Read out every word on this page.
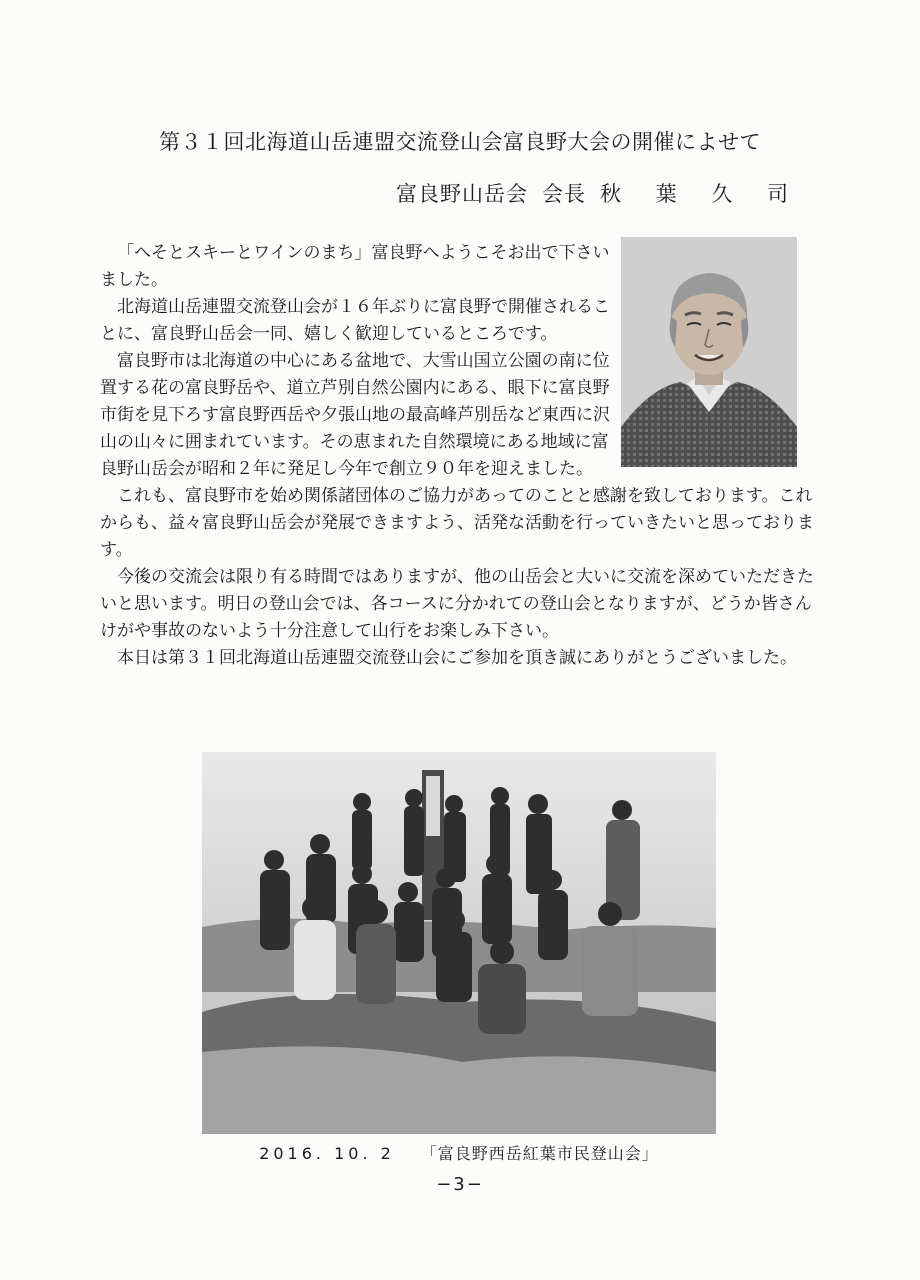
第３１回北海道山岳連盟交流登山会富良野大会の開催によせて
富良野山岳会 会長 秋 葉 久 司

「へそとスキーとワインのまち」富良野へようこそお出で下さいました。

北海道山岳連盟交流登山会が１６年ぶりに富良野で開催されることに、富良野山岳会一同、嬉しく歓迎しているところです。

富良野市は北海道の中心にある盆地で、大雪山国立公園の南に位置する花の富良野岳や、道立芦別自然公園内にある、眼下に富良野市街を見下ろす富良野西岳や夕張山地の最高峰芦別岳など東西に沢山の山々に囲まれています。その恵まれた自然環境にある地域に富良野山岳会が昭和２年に発足し今年で創立９０年を迎えました。

これも、富良野市を始め関係諸団体のご協力があってのことと感謝を致しております。これからも、益々富良野山岳会が発展できますよう、活発な活動を行っていきたいと思っております。

今後の交流会は限り有る時間ではありますが、他の山岳会と大いに交流を深めていただきたいと思います。明日の登山会では、各コースに分かれての登山会となりますが、どうか皆さんけがや事故のないよう十分注意して山行をお楽しみ下さい。

本日は第３１回北海道山岳連盟交流登山会にご参加を頂き誠にありがとうございました。

2016. 10. 2 「富良野西岳紅葉市民登山会」
−3−
